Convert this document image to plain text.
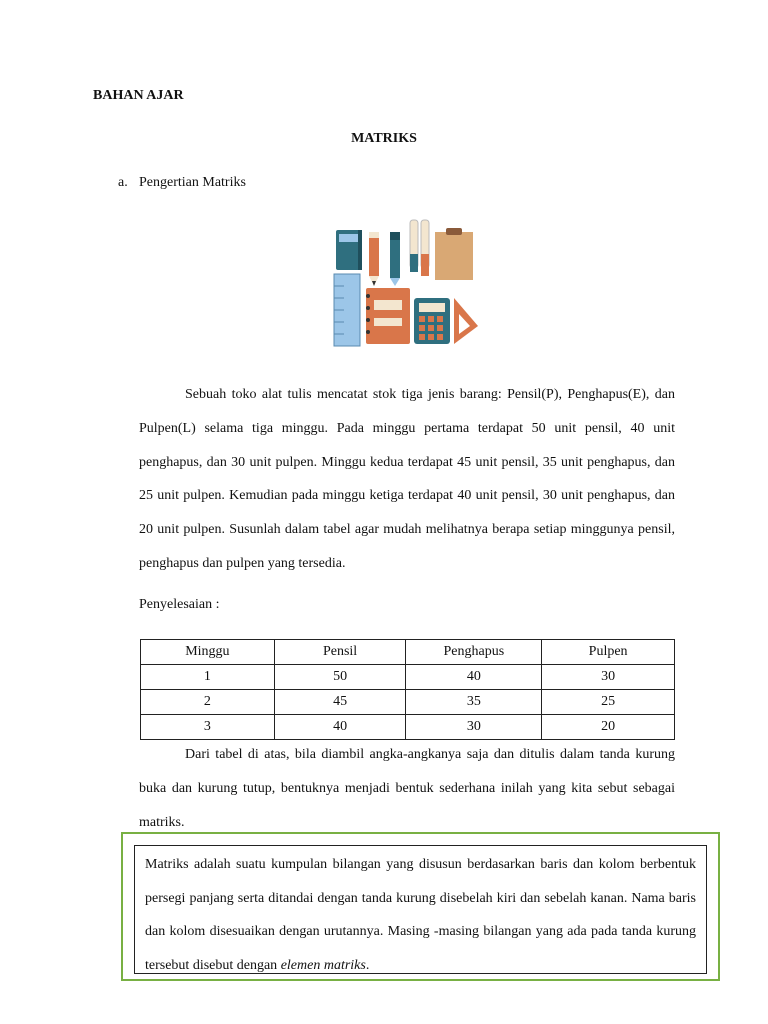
BAHAN AJAR
MATRIKS
a. Pengertian Matriks
Sebuah toko alat tulis mencatat stok tiga jenis barang: Pensil(P), Penghapus(E), dan Pulpen(L) selama tiga minggu. Pada minggu pertama terdapat 50 unit pensil, 40 unit penghapus, dan 30 unit pulpen. Minggu kedua terdapat 45 unit pensil, 35 unit penghapus, dan 25 unit pulpen. Kemudian pada minggu ketiga terdapat 40 unit pensil, 30 unit penghapus, dan 20 unit pulpen. Susunlah dalam tabel agar mudah melihatnya berapa setiap minggunya pensil, penghapus dan pulpen yang tersedia.
Penyelesaian :
Minggu	Pensil	Penghapus	Pulpen
1	50	40	30
2	45	35	25
3	40	30	20
Dari tabel di atas, bila diambil angka-angkanya saja dan ditulis dalam tanda kurung buka dan kurung tutup, bentuknya menjadi bentuk sederhana inilah yang kita sebut sebagai matriks.
Matriks adalah suatu kumpulan bilangan yang disusun berdasarkan baris dan kolom berbentuk persegi panjang serta ditandai dengan tanda kurung disebelah kiri dan sebelah kanan. Nama baris dan kolom disesuaikan dengan urutannya. Masing -masing bilangan yang ada pada tanda kurung tersebut disebut dengan elemen matriks.
